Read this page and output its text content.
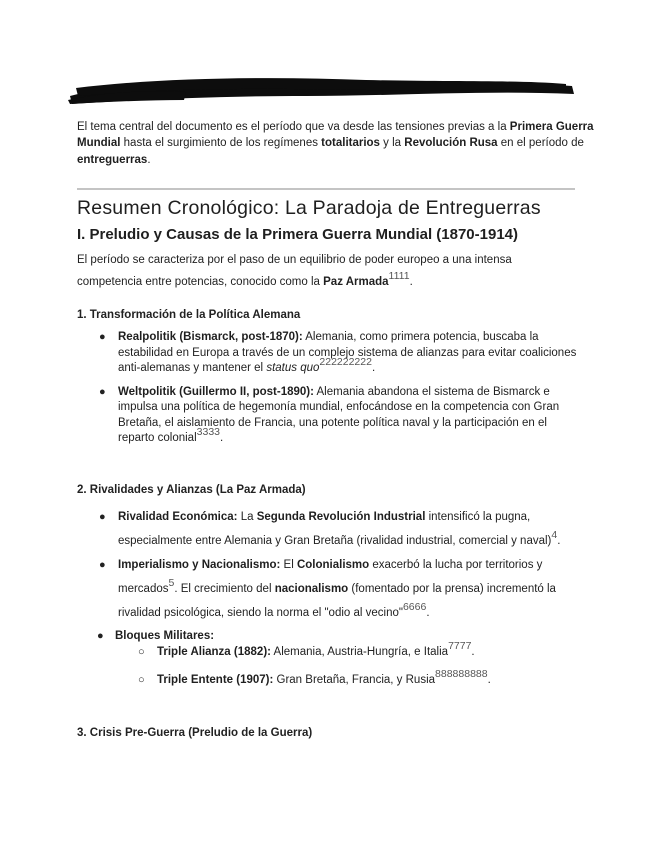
El tema central del documento es el período que va desde las tensiones previas a la Primera Guerra Mundial hasta el surgimiento de los regímenes totalitarios y la Revolución Rusa en el período de entreguerras.
Resumen Cronológico: La Paradoja de Entreguerras
I. Preludio y Causas de la Primera Guerra Mundial (1870-1914)
El período se caracteriza por el paso de un equilibrio de poder europeo a una intensa competencia entre potencias, conocido como la Paz Armada1111.
1. Transformación de la Política Alemana
● Realpolitik (Bismarck, post-1870): Alemania, como primera potencia, buscaba la estabilidad en Europa a través de un complejo sistema de alianzas para evitar coaliciones anti-alemanas y mantener el status quo222222222.
● Weltpolitik (Guillermo II, post-1890): Alemania abandona el sistema de Bismarck e impulsa una política de hegemonía mundial, enfocándose en la competencia con Gran Bretaña, el aislamiento de Francia, una potente política naval y la participación en el reparto colonial3333.
2. Rivalidades y Alianzas (La Paz Armada)
● Rivalidad Económica: La Segunda Revolución Industrial intensificó la pugna, especialmente entre Alemania y Gran Bretaña (rivalidad industrial, comercial y naval)4.
● Imperialismo y Nacionalismo: El Colonialismo exacerbó la lucha por territorios y mercados5. El crecimiento del nacionalismo (fomentado por la prensa) incrementó la rivalidad psicológica, siendo la norma el "odio al vecino"6666.
● Bloques Militares:
○ Triple Alianza (1882): Alemania, Austria-Hungría, e Italia7777.
○ Triple Entente (1907): Gran Bretaña, Francia, y Rusia888888888.
3. Crisis Pre-Guerra (Preludio de la Guerra)
